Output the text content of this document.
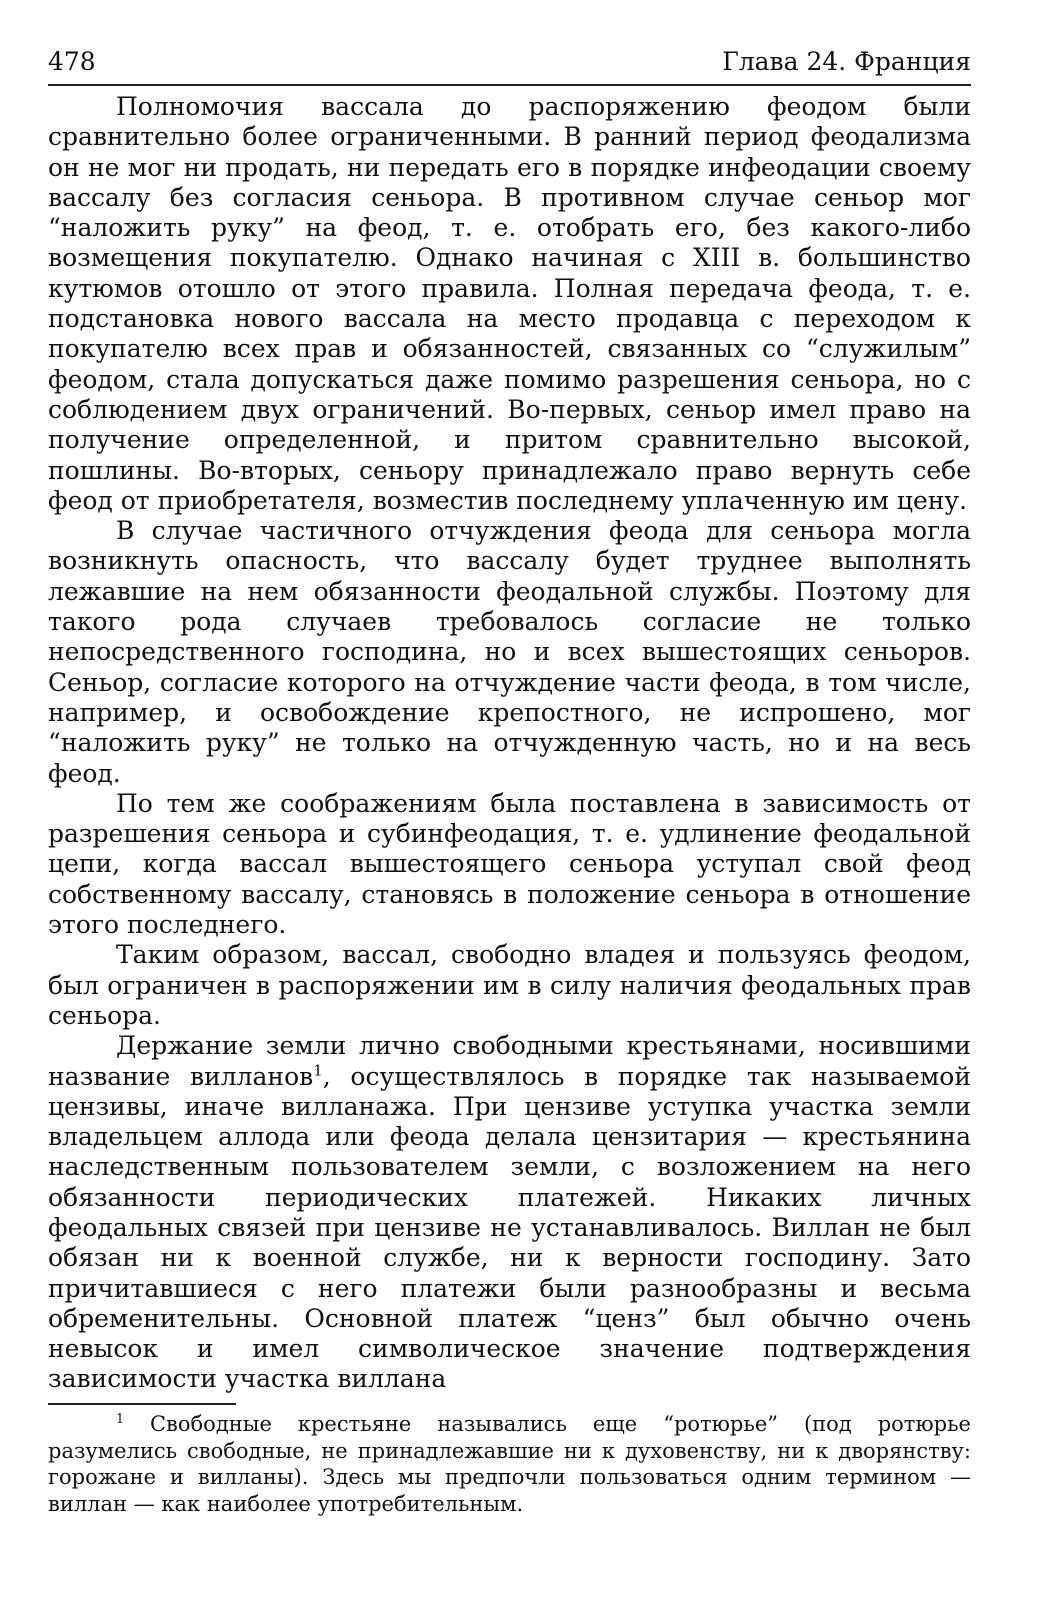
478	Глава 24. Франция

Полномочия вассала до распоряжению феодом были сравнительно более ограниченными. В ранний период феодализма он не мог ни продать, ни передать его в порядке инфеодации своему вассалу без согласия сеньора. В противном случае сеньор мог “наложить руку” на феод, т. е. отобрать его, без какого-либо возмещения покупателю. Однако начиная с XIII в. большинство кутюмов отошло от этого правила. Полная передача феода, т. е. подстановка нового вассала на место продавца с переходом к покупателю всех прав и обязанностей, связанных со “служилым” феодом, стала допускаться даже помимо разрешения сеньора, но с соблюдением двух ограничений. Во-первых, сеньор имел право на получение определенной, и притом сравнительно высокой, пошлины. Во-вторых, сеньору принадлежало право вернуть себе феод от приобретателя, возместив последнему уплаченную им цену.

В случае частичного отчуждения феода для сеньора могла возникнуть опасность, что вассалу будет труднее выполнять лежавшие на нем обязанности феодальной службы. Поэтому для такого рода случаев требовалось согласие не только непосредственного господина, но и всех вышестоящих сеньоров. Сеньор, согласие которого на отчуждение части феода, в том числе, например, и освобождение крепостного, не испрошено, мог “наложить руку” не только на отчужденную часть, но и на весь феод.

По тем же соображениям была поставлена в зависимость от разрешения сеньора и субинфеодация, т. е. удлинение феодальной цепи, когда вассал вышестоящего сеньора уступал свой феод собственному вассалу, становясь в положение сеньора в отношение этого последнего.

Таким образом, вассал, свободно владея и пользуясь феодом, был ограничен в распоряжении им в силу наличия феодальных прав сеньора.

Держание земли лично свободными крестьянами, носившими название вилланов$^1$, осуществлялось в порядке так называемой цензивы, иначе вилланажа. При цензиве уступка участка земли владельцем аллода или феода делала цензитария — крестьянина наследственным пользователем земли, с возложением на него обязанности периодических платежей. Никаких личных феодальных связей при цензиве не устанавливалось. Виллан не был обязан ни к военной службе, ни к верности господину. Зато причитавшиеся с него платежи были разнообразны и весьма обременительны. Основной платеж “ценз” был обычно очень невысок и имел символическое значение подтверждения зависимости участка виллана

$^1$ Свободные крестьяне назывались еще “ротюрье” (под ротюрье разумелись свободные, не принадлежавшие ни к духовенству, ни к дворянству: горожане и вилланы). Здесь мы предпочли пользоваться одним термином — виллан — как наиболее употребительным.
